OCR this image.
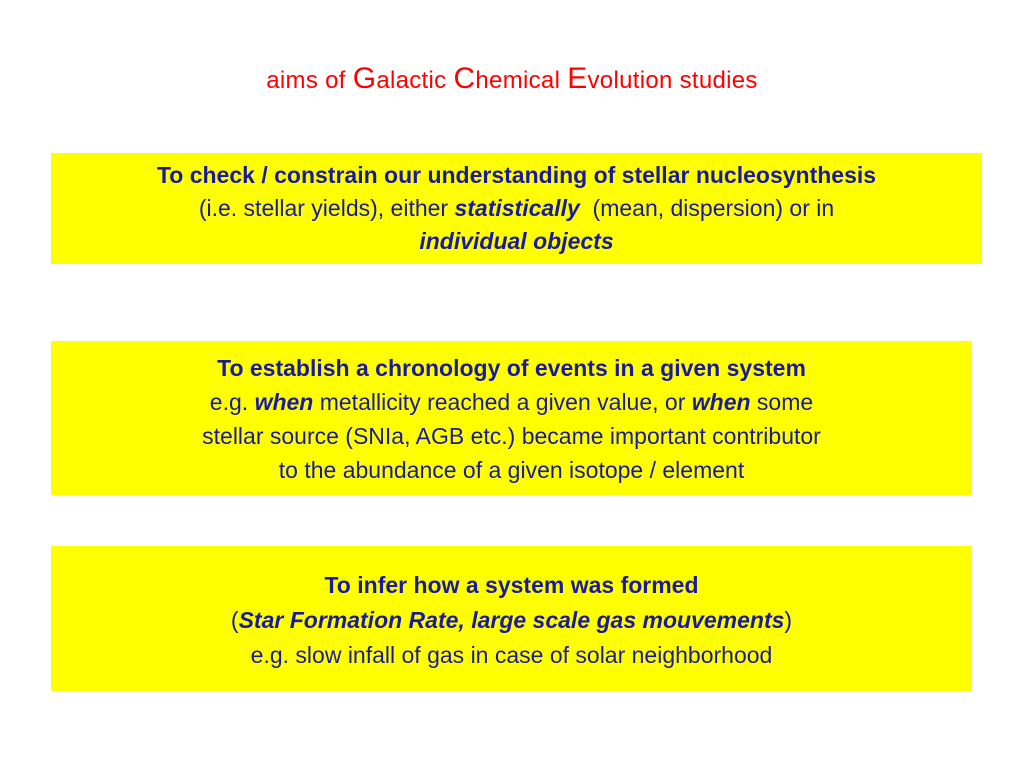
aims of Galactic Chemical Evolution studies
To check / constrain our understanding of stellar nucleosynthesis
(i.e. stellar yields), either statistically  (mean, dispersion) or in
individual objects
To establish a chronology of events in a given system
e.g. when metallicity reached a given value, or when some
stellar source (SNIa, AGB etc.) became important contributor
to the abundance of a given isotope / element
To infer how a system was formed
(Star Formation Rate, large scale gas mouvements)
e.g. slow infall of gas in case of solar neighborhood
